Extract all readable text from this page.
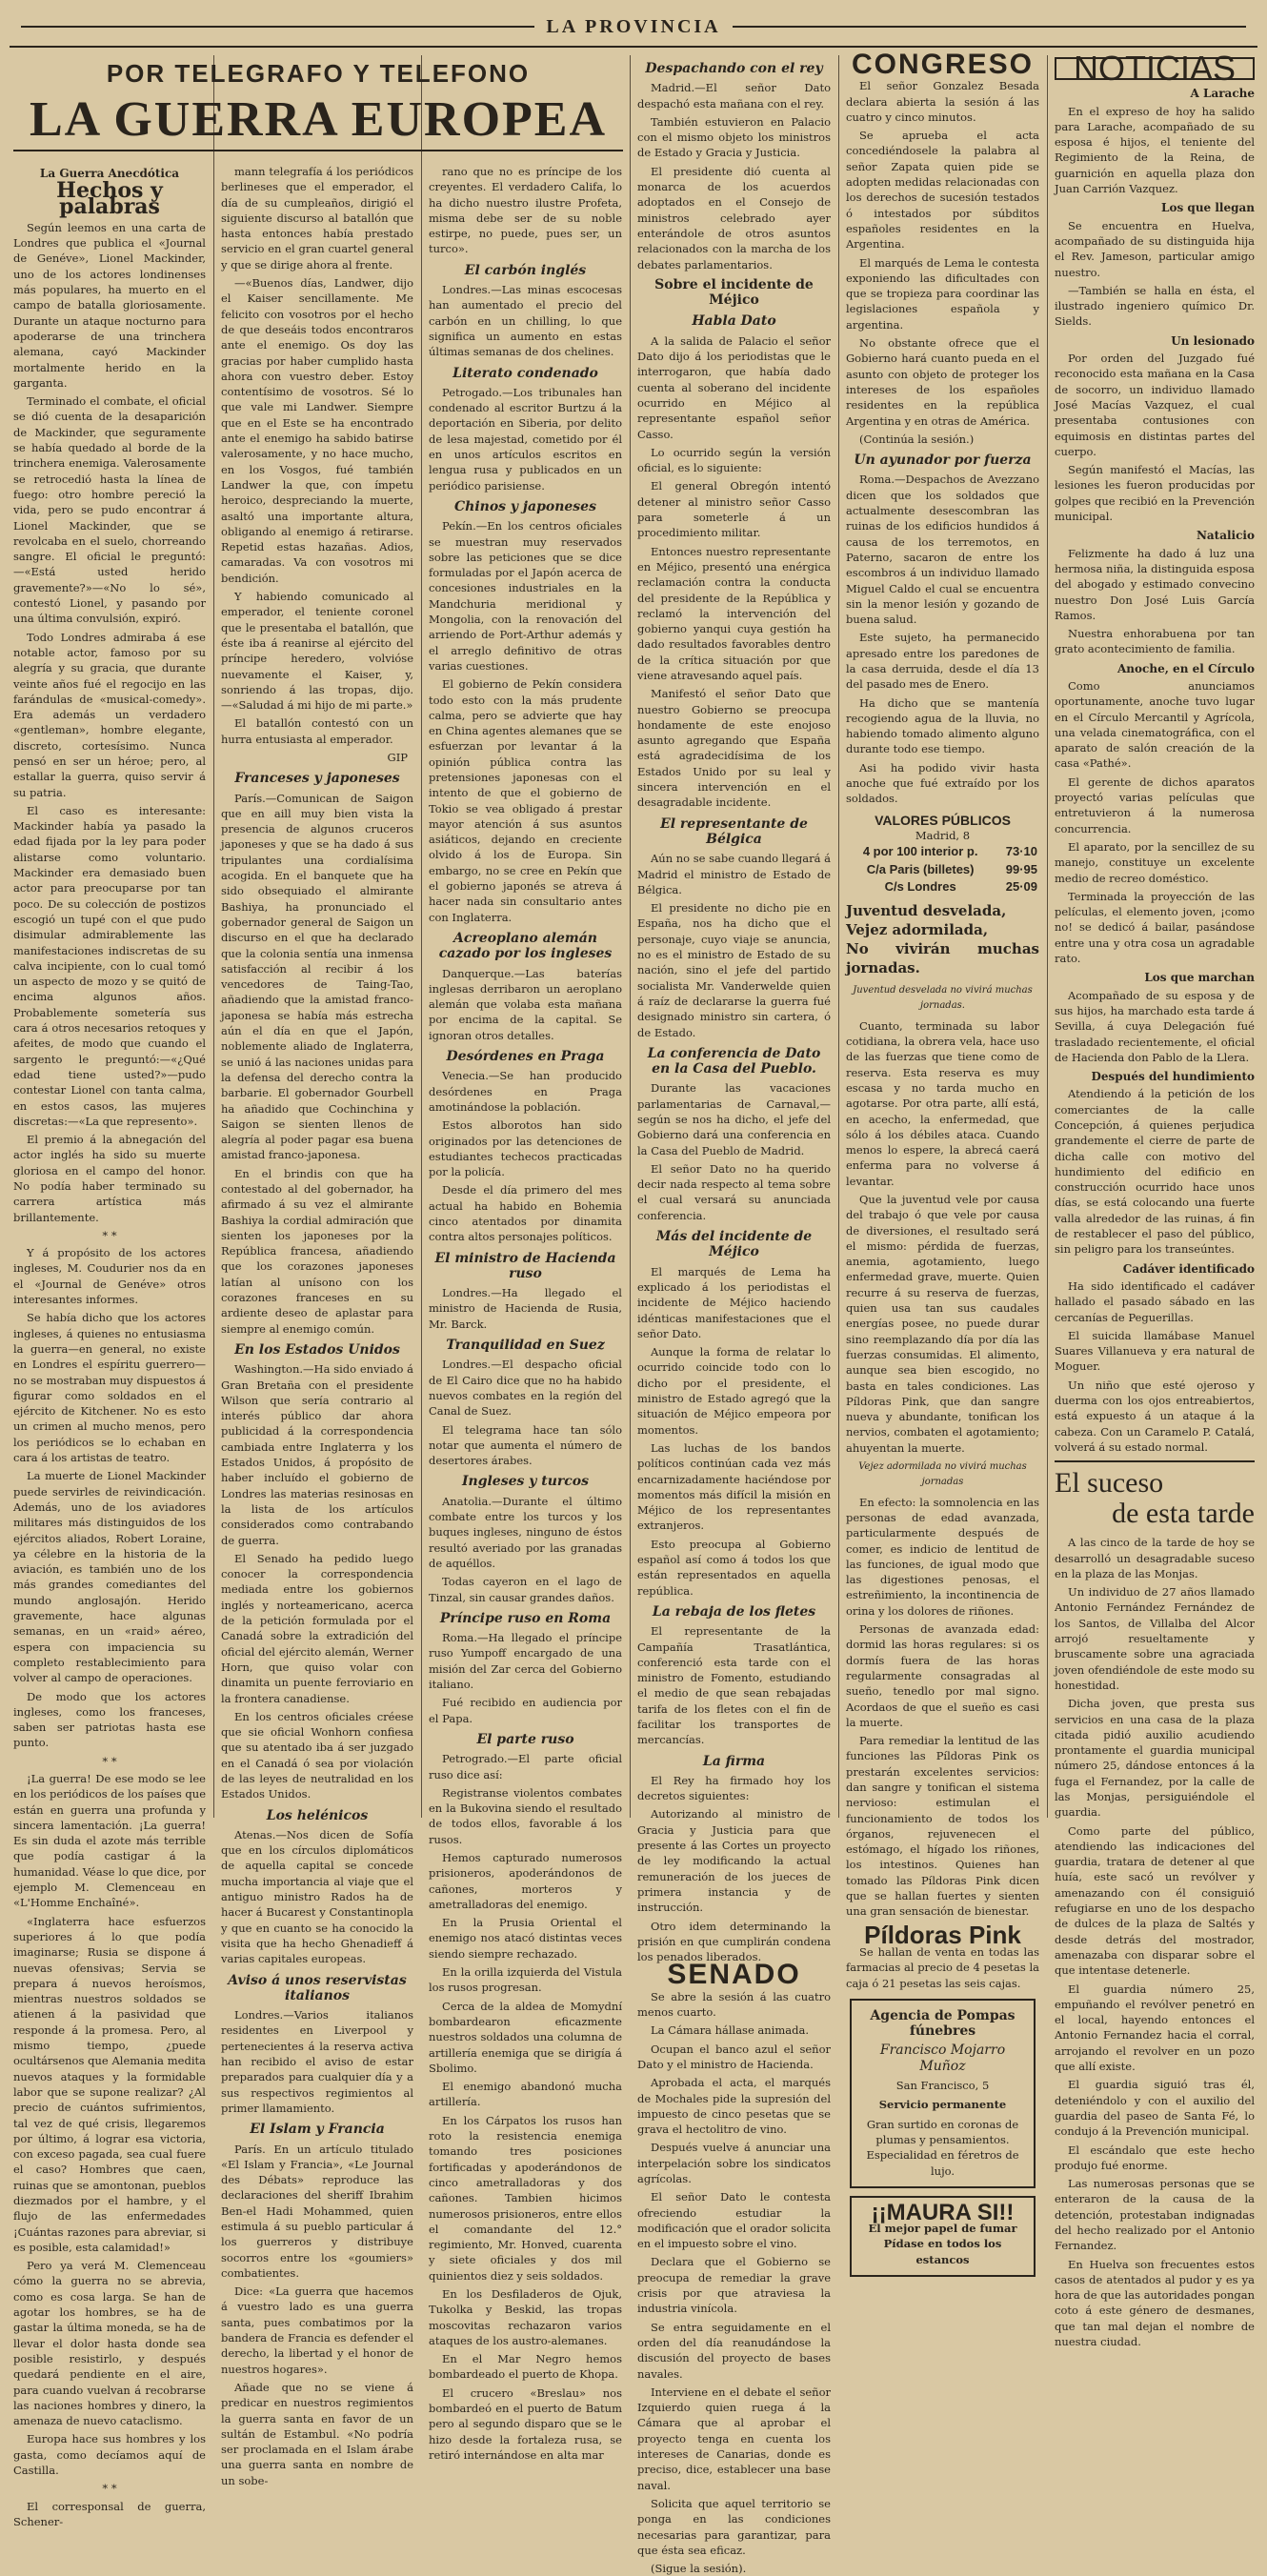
LA PROVINCIA
POR TELEGRAFO Y TELEFONO
LA GUERRA EUROPEA
La Guerra Anecdótica
Hechos y palabras

Según leemos en una carta de Londres que publica el «Journal de Genéve», Lionel Mackinder, uno de los actores londinenses más populares, ha muerto en el campo de batalla gloriosamente. Durante un ataque nocturno para apoderarse de una trinchera alemana, cayó Mackinder mortalmente herido en la garganta.

Terminado el combate, el oficial se dió cuenta de la desaparición de Mackinder, que seguramente se había quedado al borde de la trinchera enemiga. Valerosamente se retrocedió hasta la línea de fuego: otro hombre pereció la vida, pero se pudo encontrar á Lionel Mackinder, que se revolcaba en el suelo, chorreando sangre. El oficial le preguntó:—«Está usted herido gravemente?»—«No lo sé», contestó Lionel, y pasando por una última convulsión, expiró.

Todo Londres admiraba á ese notable actor, famoso por su alegría y su gracia, que durante veinte años fué el regocijo en las farándulas de «musical-comedy». Era además un verdadero «gentleman», hombre elegante, discreto, cortesísimo. Nunca pensó en ser un héroe; pero, al estallar la guerra, quiso servir á su patria.

El caso es interesante: Mackinder había ya pasado la edad fijada por la ley para poder alistarse como voluntario. Mackinder era demasiado buen actor para preocuparse por tan poco. De su colección de postizos escogió un tupé con el que pudo disimular admirablemente las manifestaciones indiscretas de su calva incipiente, con lo cual tomó un aspecto de mozo y se quitó de encima algunos años. Probablemente sometería sus cara á otros necesarios retoques y afeites, de modo que cuando el sargento le preguntó:—«¿Qué edad tiene usted?»—pudo contestar Lionel con tanta calma, en estos casos, las mujeres discretas:—«La que represento».

El premio á la abnegación del actor inglés ha sido su muerte gloriosa en el campo del honor. No podía haber terminado su carrera artística más brillantemente.

* *

Y á propósito de los actores ingleses, M. Coudurier nos da en el «Journal de Genéve» otros interesantes informes.

Se había dicho que los actores ingleses, á quienes no entusiasma la guerra—en general, no existe en Londres el espíritu guerrero—no se mostraban muy dispuestos á figurar como soldados en el ejército de Kitchener. No es esto un crimen al mucho menos, pero los periódicos se lo echaban en cara á los artistas de teatro.

La muerte de Lionel Mackinder puede servirles de reivindicación. Además, uno de los aviadores militares más distinguidos de los ejércitos aliados, Robert Loraine, ya célebre en la historia de la aviación, es también uno de los más grandes comediantes del mundo anglosajón. Herido gravemente, hace algunas semanas, en un «raid» aéreo, espera con impaciencia su completo restablecimiento para volver al campo de operaciones.

De modo que los actores ingleses, como los franceses, saben ser patriotas hasta ese punto.

* *

¡La guerra! De ese modo se lee en los periódicos de los países que están en guerra una profunda y sincera lamentación. ¡La guerra! Es sin duda el azote más terrible que podía castigar á la humanidad. Véase lo que dice, por ejemplo M. Clemenceau en «L'Homme Enchaîné».

«Inglaterra hace esfuerzos superiores á lo que podía imaginarse; Rusia se dispone á nuevas ofensivas; Servia se prepara á nuevos heroísmos, mientras nuestros soldados se atienen á la pasividad que responde á la promesa. Pero, al mismo tiempo, ¿puede ocultársenos que Alemania medita nuevos ataques y la formidable labor que se supone realizar? ¿Al precio de cuántos sufrimientos, tal vez de qué crisis, llegaremos por último, á lograr esa victoria, con exceso pagada, sea cual fuere el caso? Hombres que caen, ruinas que se amontonan, pueblos diezmados por el hambre, y el flujo de las enfermedades ¡Cuántas razones para abreviar, si es posible, esta calamidad!»

Pero ya verá M. Clemenceau cómo la guerra no se abrevia, como es cosa larga. Se han de agotar los hombres, se ha de gastar la última moneda, se ha de llevar el dolor hasta donde sea posible resistirlo, y después quedará pendiente en el aire, para cuando vuelvan á recobrarse las naciones hombres y dinero, la amenaza de nuevo cataclismo.

Europa hace sus hombres y los gasta, como decíamos aquí de Castilla.

* *

El corresponsal de guerra, Schener-

mann telegrafía á los periódicos berlineses que el emperador, el día de su cumpleaños, dirigió el siguiente discurso al batallón que hasta entonces había prestado servicio en el gran cuartel general y que se dirige ahora al frente.

—«Buenos días, Landwer, dijo el Kaiser sencillamente. Me felicito con vosotros por el hecho de que deseáis todos encontraros ante el enemigo. Os doy las gracias por haber cumplido hasta ahora con vuestro deber. Estoy contentísimo de vosotros. Sé lo que vale mi Landwer. Siempre que en el Este se ha encontrado ante el enemigo ha sabido batirse valerosamente, y no hace mucho, en los Vosgos, fué también Landwer la que, con ímpetu heroico, despreciando la muerte, asaltó una importante altura, obligando al enemigo á retirarse. Repetid estas hazañas. Adios, camaradas. Va con vosotros mi bendición.

Y habiendo comunicado al emperador, el teniente coronel que le presentaba el batallón, que éste iba á reanirse al ejército del príncipe heredero, volvióse nuevamente el Kaiser, y, sonriendo á las tropas, dijo.—«Saludad á mi hijo de mi parte.»

El batallón contestó con un hurra entusiasta al emperador.

GIP
Franceses y japoneses

París.—Comunican de Saigon que en aill muy bien vista la presencia de algunos cruceros japoneses y que se ha dado á sus tripulantes una cordialísima acogida. En el banquete que ha sido obsequiado el almirante Bashiya, ha pronunciado el gobernador general de Saigon un discurso en el que ha declarado que la colonia sentía una inmensa satisfacción al recibir á los vencedores de Taing-Tao, añadiendo que la amistad franco-japonesa se había más estrecha aún el día en que el Japón, noblemente aliado de Inglaterra, se unió á las naciones unidas para la defensa del derecho contra la barbarie. El gobernador Gourbell ha añadido que Cochinchina y Saigon se sienten llenos de alegría al poder pagar esa buena amistad franco-japonesa.

En el brindis con que ha contestado al del gobernador, ha afirmado á su vez el almirante Bashiya la cordial admiración que sienten los japoneses por la República francesa, añadiendo que los corazones japoneses latían al unísono con los corazones franceses en su ardiente deseo de aplastar para siempre al enemigo común.

En los Estados Unidos

Washington.—Ha sido enviado á Gran Bretaña con el presidente Wilson que sería contrario al interés público dar ahora publicidad á la correspondencia cambiada entre Inglaterra y los Estados Unidos, á propósito de haber incluído el gobierno de Londres las materias resinosas en la lista de los artículos considerados como contrabando de guerra.

El Senado ha pedido luego conocer la correspondencia mediada entre los gobiernos inglés y norteamericano, acerca de la petición formulada por el Canadá sobre la extradición del oficial del ejército alemán, Werner Horn, que quiso volar con dinamita un puente ferroviario en la frontera canadiense.

En los centros oficiales créese que sie oficial Wonhorn confiesa que su atentado iba á ser juzgado en el Canadá ó sea por violación de las leyes de neutralidad en los Estados Unidos.

Los helénicos

Atenas.—Nos dicen de Sofía que en los círculos diplomáticos de aquella capital se concede mucha importancia al viaje que el antiguo ministro Rados ha de hacer á Bucarest y Constantinopla y que en cuanto se ha conocido la visita que ha hecho Ghenadieff á varias capitales europeas.

Aviso á unos reservistas italianos

Londres.—Varios italianos residentes en Liverpool y pertenecientes á la reserva activa han recibido el aviso de estar preparados para cualquier día y a sus respectivos regimientos al primer llamamiento.

El Islam y Francia

París. En un artículo titulado «El Islam y Francia», «Le Journal des Débats» reproduce las declaraciones del sheriff Ibrahim Ben-el Hadi Mohammed, quien estimula á su pueblo particular á los guerreros y distribuye socorros entre los «goumiers» combatientes.

Dice: «La guerra que hacemos á vuestro lado es una guerra santa, pues combatimos por la bandera de Francia es defender el derecho, la libertad y el honor de nuestros hogares».

Añade que no se viene á predicar en nuestros regimientos la guerra santa en favor de un sultán de Estambul. «No podría ser proclamada en el Islam árabe una guerra santa en nombre de un sobe-

rano que no es príncipe de los creyentes. El verdadero Califa, lo ha dicho nuestro ilustre Profeta, misma debe ser de su noble estirpe, no puede, pues ser, un turco».

El carbón inglés

Londres.—Las minas escocesas han aumentado el precio del carbón en un chilling, lo que significa un aumento en estas últimas semanas de dos chelines.

Literato condenado

Petrogado.—Los tribunales han condenado al escritor Burtzu á la deportación en Siberia, por delito de lesa majestad, cometido por él en unos artículos escritos en lengua rusa y publicados en un periódico parisiense.

Chinos y japoneses

Pekín.—En los centros oficiales se muestran muy reservados sobre las peticiones que se dice formuladas por el Japón acerca de concesiones industriales en la Mandchuria meridional y Mongolia, con la renovación del arriendo de Port-Arthur además y el arreglo definitivo de otras varias cuestiones.

El gobierno de Pekín considera todo esto con la más prudente calma, pero se advierte que hay en China agentes alemanes que se esfuerzan por levantar á la opinión pública contra las pretensiones japonesas con el intento de que el gobierno de Tokio se vea obligado á prestar mayor atención á sus asuntos asiáticos, dejando en creciente olvido á los de Europa. Sin embargo, no se cree en Pekín que el gobierno japonés se atreva á hacer nada sin consultario antes con Inglaterra.

Acreoplano alemán cazado por los ingleses

Danquerque.—Las baterías inglesas derribaron un aeroplano alemán que volaba esta mañana por encima de la capital. Se ignoran otros detalles.

Desórdenes en Praga

Venecia.—Se han producido desórdenes en Praga amotinándose la población.

Estos alborotos han sido originados por las detenciones de estudiantes techecos practicadas por la policía.

Desde el día primero del mes actual ha habido en Bohemia cinco atentados por dinamita contra altos personajes políticos.

El ministro de Hacienda ruso

Londres.—Ha llegado el ministro de Hacienda de Rusia, Mr. Barck.

Tranquilidad en Suez

Londres.—El despacho oficial de El Cairo dice que no ha habido nuevos combates en la región del Canal de Suez.

El telegrama hace tan sólo notar que aumenta el número de desertores árabes.

Ingleses y turcos

Anatolia.—Durante el último combate entre los turcos y los buques ingleses, ninguno de éstos resultó averiado por las granadas de aquéllos.

Todas cayeron en el lago de Tinzal, sin causar grandes daños.

Príncipe ruso en Roma

Roma.—Ha llegado el príncipe ruso Yumpoff encargado de una misión del Zar cerca del Gobierno italiano.

Fué recibido en audiencia por el Papa.

El parte ruso

Petrogrado.—El parte oficial ruso dice así:

Registranse violentos combates en la Bukovina siendo el resultado de todos ellos, favorable á los rusos.

Hemos capturado numerosos prisioneros, apoderándonos de cañones, morteros y ametralladoras del enemigo.

En la Prusia Oriental el enemigo nos atacó distintas veces siendo siempre rechazado.

En la orilla izquierda del Vistula los rusos progresan.

Cerca de la aldea de Momydní bombardearon eficazmente nuestros soldados una columna de artillería enemiga que se dirigía á Sbolimo.

El enemigo abandonó mucha artillería.

En los Cárpatos los rusos han roto la resistencia enemiga tomando tres posiciones fortificadas y apoderándonos de cinco ametralladoras y dos cañones. Tambien hicimos numerosos prisioneros, entre ellos el comandante del 12.° regimiento, Mr. Honved, cuarenta y siete oficiales y dos mil quinientos diez y seis soldados.

En los Desfiladeros de Ojuk, Tukolka y Beskid, las tropas moscovitas rechazaron varios ataques de los austro-alemanes.

En el Mar Negro hemos bombardeado el puerto de Khopa.

El crucero «Breslau» nos bombardeó en el puerto de Batum pero al segundo disparo que se le hizo desde la fortaleza rusa, se retiró internándose en alta mar

Despachando con el rey

Madrid.—El señor Dato despachó esta mañana con el rey.

También estuvieron en Palacio con el mismo objeto los ministros de Estado y Gracia y Justicia.

El presidente dió cuenta al monarca de los acuerdos adoptados en el Consejo de ministros celebrado ayer enterándole de otros asuntos relacionados con la marcha de los debates parlamentarios.

Sobre el incidente de Méjico
Habla Dato

A la salida de Palacio el señor Dato dijo á los periodistas que le interrogaron, que había dado cuenta al soberano del incidente ocurrido en Méjico al representante español señor Casso.

Lo ocurrido según la versión oficial, es lo siguiente:

El general Obregón intentó detener al ministro señor Casso para someterle á un procedimiento militar.

Entonces nuestro representante en Méjico, presentó una enérgica reclamación contra la conducta del presidente de la República y reclamó la intervención del gobierno yanqui cuya gestión ha dado resultados favorables dentro de la crítica situación por que viene atravesando aquel país.

Manifestó el señor Dato que nuestro Gobierno se preocupa hondamente de este enojoso asunto agregando que España está agradecidísima de los Estados Unido por su leal y sincera intervención en el desagradable incidente.

El representante de Bélgica

Aún no se sabe cuando llegará á Madrid el ministro de Estado de Bélgica.

El presidente no dicho pie en España, nos ha dicho que el personaje, cuyo viaje se anuncia, no es el ministro de Estado de su nación, sino el jefe del partido socialista Mr. Vanderwelde quien á raíz de declararse la guerra fué designado ministro sin cartera, ó de Estado.

La conferencia de Dato en la Casa del Pueblo.

Durante las vacaciones parlamentarias de Carnaval,—según se nos ha dicho, el jefe del Gobierno dará una conferencia en la Casa del Pueblo de Madrid.

El señor Dato no ha querido decir nada respecto al tema sobre el cual versará su anunciada conferencia.

Más del incidente de Méjico

El marqués de Lema ha explicado á los periodistas el incidente de Méjico haciendo idénticas manifestaciones que el señor Dato.

Aunque la forma de relatar lo ocurrido coincide todo con lo dicho por el presidente, el ministro de Estado agregó que la situación de Méjico empeora por momentos.

Las luchas de los bandos políticos continúan cada vez más encarnizadamente haciéndose por momentos más difícil la misión en Méjico de los representantes extranjeros.

Esto preocupa al Gobierno español así como á todos los que están representados en aquella república.

La rebaja de los fletes

El representante de la Campañía Trasatlántica, conferenció esta tarde con el ministro de Fomento, estudiando el medio de que sean rebajadas tarifa de los fletes con el fin de facilitar los transportes de mercancías.

La firma

El Rey ha firmado hoy los decretos siguientes:

Autorizando al ministro de Gracia y Justicia para que presente á las Cortes un proyecto de ley modificando la actual remuneración de los jueces de primera instancia y de instrucción.

Otro idem determinando la prisión en que cumplirán condena los penados liberados.

SENADO

Se abre la sesión á las cuatro menos cuarto.

La Cámara hállase animada.

Ocupan el banco azul el señor Dato y el ministro de Hacienda.

Aprobada el acta, el marqués de Mochales pide la supresión del impuesto de cinco pesetas que se grava el hectolitro de vino.

Después vuelve á anunciar una interpelación sobre los sindicatos agrícolas.

El señor Dato le contesta ofreciendo estudiar la modificación que el orador solicita en el impuesto sobre el vino.

Declara que el Gobierno se preocupa de remediar la grave crisis por que atraviesa la industria vinícola.

Se entra seguidamente en el orden del día reanudándose la discusión del proyecto de bases navales.

Interviene en el debate el señor Izquierdo quien ruega á la Cámara que al aprobar el proyecto tenga en cuenta los intereses de Canarias, donde es preciso, dice, establecer una base naval.

Solicita que aquel territorio se ponga en las condiciones necesarias para garantizar, para que ésta sea eficaz.

(Sigue la sesión).

CONGRESO

El señor Gonzalez Besada declara abierta la sesión á las cuatro y cinco minutos.

Se aprueba el acta concediéndosele la palabra al señor Zapata quien pide se adopten medidas relacionadas con los derechos de sucesión testados ó intestados por súbditos españoles residentes en la Argentina.

El marqués de Lema le contesta exponiendo las dificultades con que se tropieza para coordinar las legislaciones española y argentina.

No obstante ofrece que el Gobierno hará cuanto pueda en el asunto con objeto de proteger los intereses de los españoles residentes en la república Argentina y en otras de América.

(Continúa la sesión.)

Un ayunador por fuerza

Roma.—Despachos de Avezzano dicen que los soldados que actualmente desescombran las ruinas de los edificios hundidos á causa de los terremotos, en Paterno, sacaron de entre los escombros á un individuo llamado Miguel Caldo el cual se encuentra sin la menor lesión y gozando de buena salud.

Este sujeto, ha permanecido apresado entre los paredones de la casa derruida, desde el día 13 del pasado mes de Enero.

Ha dicho que se mantenía recogiendo agua de la lluvia, no habiendo tomado alimento alguno durante todo ese tiempo.

Asi ha podido vivir hasta anoche que fué extraído por los soldados.

VALORES PÚBLICOS
Madrid, 8
4 por 100 interior p.	73·10
C/a Paris (billetes)	99·95
C/s Londres	25·09
Juventud desvelada,
Vejez adormilada,
No vivirán muchas jornadas.
Juventud desvelada no vivirá muchas jornadas.

Cuanto, terminada su labor cotidiana, la obrera vela, hace uso de las fuerzas que tiene como de reserva. Esta reserva es muy escasa y no tarda mucho en agotarse. Por otra parte, allí está, en acecho, la enfermedad, que sólo á los débiles ataca. Cuando menos lo espere, la abrecá caerá enferma para no volverse á levantar.

Que la juventud vele por causa del trabajo ó que vele por causa de diversiones, el resultado será el mismo: pérdida de fuerzas, anemia, agotamiento, luego enfermedad grave, muerte. Quien recurre á su reserva de fuerzas, quien usa tan sus caudales energías posee, no puede durar sino reemplazando día por día las fuerzas consumidas. El alimento, aunque sea bien escogido, no basta en tales condiciones. Las Píldoras Pink, que dan sangre nueva y abundante, tonifican los nervios, combaten el agotamiento; ahuyentan la muerte.

Vejez adormilada no vivirá muchas jornadas

En efecto: la somnolencia en las personas de edad avanzada, particularmente después de comer, es indicio de lentitud de las funciones, de igual modo que las digestiones penosas, el estreñimiento, la incontinencia de orina y los dolores de riñones.

Personas de avanzada edad: dormid las horas regulares: si os dormís fuera de las horas regularmente consagradas al sueño, tenedlo por mal signo. Acordaos de que el sueño es casi la muerte.

Para remediar la lentitud de las funciones las Píldoras Pink os prestarán excelentes servicios: dan sangre y tonifican el sistema nervioso: estimulan el funcionamiento de todos los órganos, rejuvenecen el estómago, el hígado los riñones, los intestinos. Quienes han tomado las Píldoras Pink dicen que se hallan fuertes y sienten una gran sensación de bienestar.

Píldoras Pink

Se hallan de venta en todas las farmacias al precio de 4 pesetas la caja ó 21 pesetas las seis cajas.

Agencia de Pompas fúnebres
Francisco Mojarro Muñoz
San Francisco, 5
Servicio permanente
Gran surtido en coronas de plumas y pensamientos.
Especialidad en féretros de lujo.
¡¡MAURA SI!!
El mejor papel de fumar
Pídase en todos los estancos
NOTICIAS
A Larache

En el expreso de hoy ha salido para Larache, acompañado de su esposa é hijos, el teniente del Regimiento de la Reina, de guarnición en aquella plaza don Juan Carrión Vazquez.

Los que llegan

Se encuentra en Huelva, acompañado de su distinguida hija el Rev. Jameson, particular amigo nuestro.

—También se halla en ésta, el ilustrado ingeniero químico Dr. Sields.

Un lesionado

Por orden del Juzgado fué reconocido esta mañana en la Casa de socorro, un individuo llamado José Macías Vazquez, el cual presentaba contusiones con equimosis en distintas partes del cuerpo.

Según manifestó el Macías, las lesiones les fueron producidas por golpes que recibió en la Prevención municipal.

Natalicio

Felizmente ha dado á luz una hermosa niña, la distinguida esposa del abogado y estimado convecino nuestro Don José Luis García Ramos.

Nuestra enhorabuena por tan grato acontecimiento de familia.

Anoche, en el Círculo

Como anunciamos oportunamente, anoche tuvo lugar en el Círculo Mercantil y Agrícola, una velada cinematográfica, con el aparato de salón creación de la casa «Pathé».

El gerente de dichos aparatos proyectó varias películas que entretuvieron á la numerosa concurrencia.

El aparato, por la sencillez de su manejo, constituye un excelente medio de recreo doméstico.

Terminada la proyección de las películas, el elemento joven, ¡como no! se dedicó á bailar, pasándose entre una y otra cosa un agradable rato.

Los que marchan

Acompañado de su esposa y de sus hijos, ha marchado esta tarde á Sevilla, á cuya Delegación fué trasladado recientemente, el oficial de Hacienda don Pablo de la Llera.

Después del hundimiento

Atendiendo á la petición de los comerciantes de la calle Concepción, á quienes perjudica grandemente el cierre de parte de dicha calle con motivo del hundimiento del edificio en construcción ocurrido hace unos días, se está colocando una fuerte valla alrededor de las ruinas, á fin de restablecer el paso del público, sin peligro para los transeúntes.

Cadáver identificado

Ha sido identificado el cadáver hallado el pasado sábado en las cercanías de Peguerillas.

El suicida llamábase Manuel Suares Villanueva y era natural de Moguer.

Un niño que esté ojeroso y duerma con los ojos entreabiertos, está expuesto á un ataque á la cabeza. Con un Caramelo P. Catalá, volverá á su estado normal.

El suceso
de esta tarde

A las cinco de la tarde de hoy se desarrolló un desagradable suceso en la plaza de las Monjas.

Un individuo de 27 años llamado Antonio Fernández Fernández de los Santos, de Villalba del Alcor arrojó resueltamente y bruscamente sobre una agraciada joven ofendiéndole de este modo su honestidad.

Dicha joven, que presta sus servicios en una casa de la plaza citada pidió auxilio acudiendo prontamente el guardia municipal número 25, dándose entonces á la fuga el Fernandez, por la calle de las Monjas, persiguiéndole el guardia.

Como parte del público, atendiendo las indicaciones del guardia, tratara de detener al que huía, este sacó un revólver y amenazando con él consiguió refugiarse en uno de los despacho de dulces de la plaza de Saltés y desde detrás del mostrador, amenazaba con disparar sobre el que intentase detenerle.

El guardia número 25, empuñando el revólver penetró en el local, hayendo entonces el Antonio Fernandez hacia el corral, arrojando el revolver en un pozo que allí existe.

El guardia siguió tras él, deteniéndolo y con el auxilio del guardia del paseo de Santa Fé, lo condujo á la Prevención municipal.

El escándalo que este hecho produjo fué enorme.

Las numerosas personas que se enteraron de la causa de la detención, protestaban indignadas del hecho realizado por el Antonio Fernandez.

En Huelva son frecuentes estos casos de atentados al pudor y es ya hora de que las autoridades pongan coto á este género de desmanes, que tan mal dejan el nombre de nuestra ciudad.
